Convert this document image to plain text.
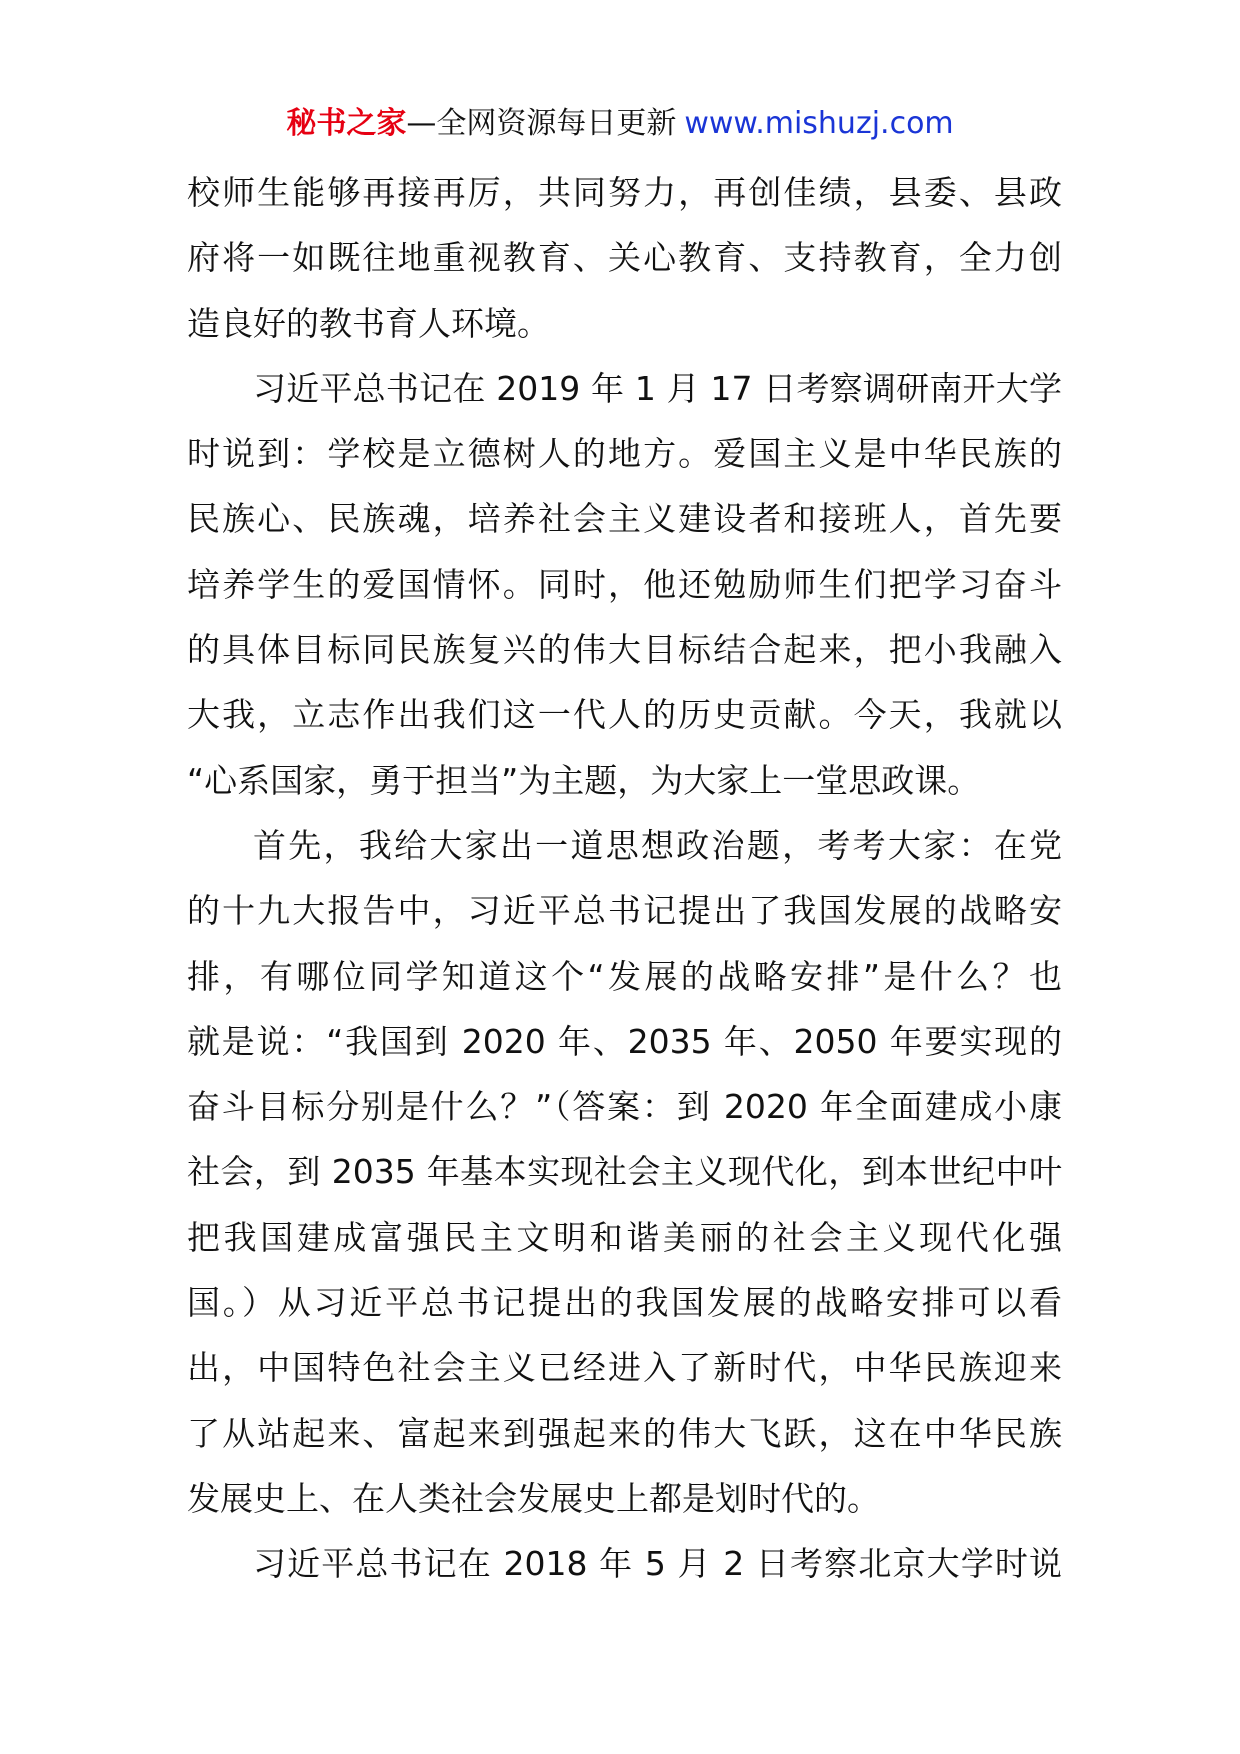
秘书之家—全网资源每日更新 www.mishuzj.com
校师生能够再接再厉，共同努力，再创佳绩，县委、县政
府将一如既往地重视教育、关心教育、支持教育，全力创
造良好的教书育人环境。
习近平总书记在 2019 年 1 月 17 日考察调研南开大学
时说到：学校是立德树人的地方。爱国主义是中华民族的
民族心、民族魂，培养社会主义建设者和接班人，首先要
培养学生的爱国情怀。同时，他还勉励师生们把学习奋斗
的具体目标同民族复兴的伟大目标结合起来，把小我融入
大我，立志作出我们这一代人的历史贡献。今天，我就以
“心系国家，勇于担当”为主题，为大家上一堂思政课。
首先，我给大家出一道思想政治题，考考大家：在党
的十九大报告中，习近平总书记提出了我国发展的战略安
排，有哪位同学知道这个“发展的战略安排”是什么？也
就是说：“我国到 2020 年、2035 年、2050 年要实现的
奋斗目标分别是什么？”（答案：到 2020 年全面建成小康
社会，到 2035 年基本实现社会主义现代化，到本世纪中叶
把我国建成富强民主文明和谐美丽的社会主义现代化强
国。）从习近平总书记提出的我国发展的战略安排可以看
出，中国特色社会主义已经进入了新时代，中华民族迎来
了从站起来、富起来到强起来的伟大飞跃，这在中华民族
发展史上、在人类社会发展史上都是划时代的。
习近平总书记在 2018 年 5 月 2 日考察北京大学时说
